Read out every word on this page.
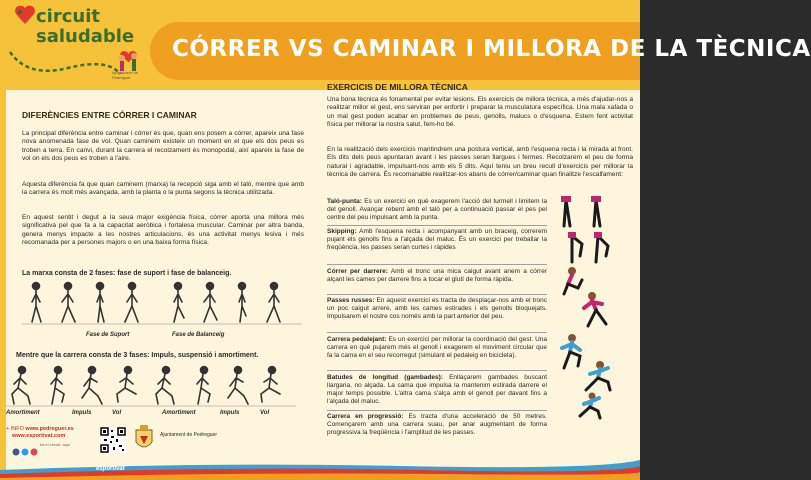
CÓRRER VS CAMINAR I MILLORA DE LA TÈCNICA
circuit
saludable
Ajuntament de Pedreguer
DIFERÈNCIES ENTRE CÓRRER I CAMINAR
La principal diferència entre caminar i córrer és que, quan ens posem a córrer, apareix una fase nova anomenada fase de vol. Quan caminem existeix un moment en el que els dos peus es troben a terra. En canvi, durant la carrera el recolzament és monopodal, així apareix la fase de vol on els dos peus es troben a l'aire.
Aquesta diferència fa que quan caminem (marxa) la recepció siga amb el taló, mentre que amb la carrera és molt més avançada, amb la planta o la punta segons la tècnica utilitzada.
En aquest sentit i degut a la seua major exigència física, córrer aporta una millora més significativa pel que fa a la capacitat aeròbica i fortalesa muscular. Caminar per altra banda, genera menys impacte a les nostres articulacions, és una activitat menys lesiva i més recomanada per a persones majors o en una baixa forma física.
La marxa consta de 2 fases: fase de suport i fase de balanceig.
Fase de Suport	Fase de Balanceig
Mentre que la carrera consta de 3 fases: Impuls, suspensió i amortiment.
Amortiment	Impuls	Vol	Amortiment	Impuls	Vol
+ INFO www.pedreguer.es
www.esportivat.com
tot el circuit, aquí
Ajuntament de Pedreguer
EXERCICIS DE MILLORA TÈCNICA
Una bona tècnica és fonamental per evitar lesions. Els exercicis de millora tècnica, a més d'ajudar-nos a realitzar millor el gest, ens serviran per enfortir i preparar la musculatura específica. Una mala xafada o un mal gest poden acabar en problemes de peus, genolls, malucs o d'esquena. Estem fent activitat física per millorar la nostra salut, fem-ho bé.
En la realització dels exercicis mantindrem una postura vertical, amb l'esquena recta i la mirada al front. Els dits dels peus apuntaran avant i les passes seran llargues i fermes. Recolzarem el peu de forma natural i agradable, impulsant-nos amb els 5 dits. Aquí teniu un breu recull d'exercicis per millorar la tècnica de carrera. És recomanable realitzar-los abans de córrer/caminar quan finalitze l'escalfament:
Taló-punta: Es un exercici en què exagerem l'acció del turmell i limitem la del genoll. Avançar rebent amb el taló per a continuació passar el pes pel centre del peu impulsant amb la punta.
Skipping: Amb l'esquena recta i acompanyant amb un braceig, correrem pujant els genolls fins a l'alçada del maluc. És un exercici per treballar la freqüència, les passes seran curtes i ràpides
Córrer per darrere: Amb el tronc una mica caigut avant anem a córrer alçant les cames per darrere fins a tocar el glutí de forma ràpida.
Passes russes: En aquest exercici es tracta de desplaçar-nos amb el tronc un poc caigut arrere, amb les cames estirades i els genolls bloquejats. Impulsarem el nostre cos només amb la part anterior del peu.
Carrera pedalejant: Es un exercici per millorar la coordinació del gest. Una carrera en què pujarem més el genoll i exagerem el moviment circular que fa la cama en el seu recorregut (simulant el pedaleig en bicicleta).
Batudes de longitud (gambades): Enllaçarem gambades buscant llargaria, no alçada. La cama que impulsa la mantenim estirada darrere el major temps possible. L'altra cama s'alça amb el genoll per davant fins a l'alçada del maluc.
Carrera en progressió: Es tracta d'una acceleració de 50 metres. Començarem amb una carrera suau, per anar augmentant de forma progressiva la freqüència i l'amplitud de les passes.
esportivat
